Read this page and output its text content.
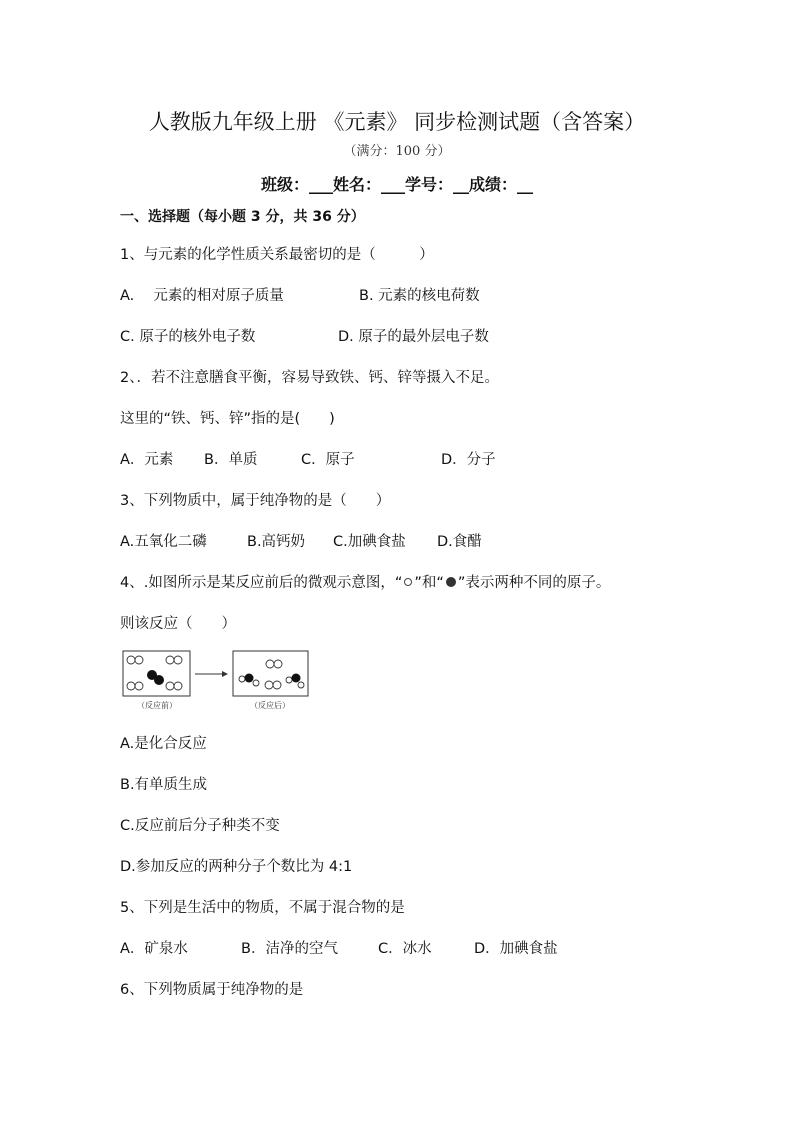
人教版九年级上册 《元素》 同步检测试题（含答案）
（满分：100 分）
班级：___姓名：___学号：__成绩：__
一、选择题（每小题 3 分，共 36 分）
1、与元素的化学性质关系最密切的是（　　　）
A.　 元素的相对原子质量	B. 元素的核电荷数
C. 原子的核外电子数	D. 原子的最外层电子数
2、．若不注意膳食平衡，容易导致铁、钙、锌等摄入不足。
这里的“铁、钙、锌”指的是(　　)
A．元素 B．单质	C．原子	D．分子
3、下列物质中，属于纯净物的是（　　）
A.五氧化二磷	B.高钙奶 C.加碘食盐 D.食醋
4、.如图所示是某反应前后的微观示意图，“ ”和“ ”表示两种不同的原子。
则该反应（　　）
（反应前）	（反应后）
A.是化合反应
B.有单质生成
C.反应前后分子种类不变
D.参加反应的两种分子个数比为 4:1
5、下列是生活中的物质，不属于混合物的是
A．矿泉水	B．洁净的空气	C．冰水	D．加碘食盐
6、下列物质属于纯净物的是
